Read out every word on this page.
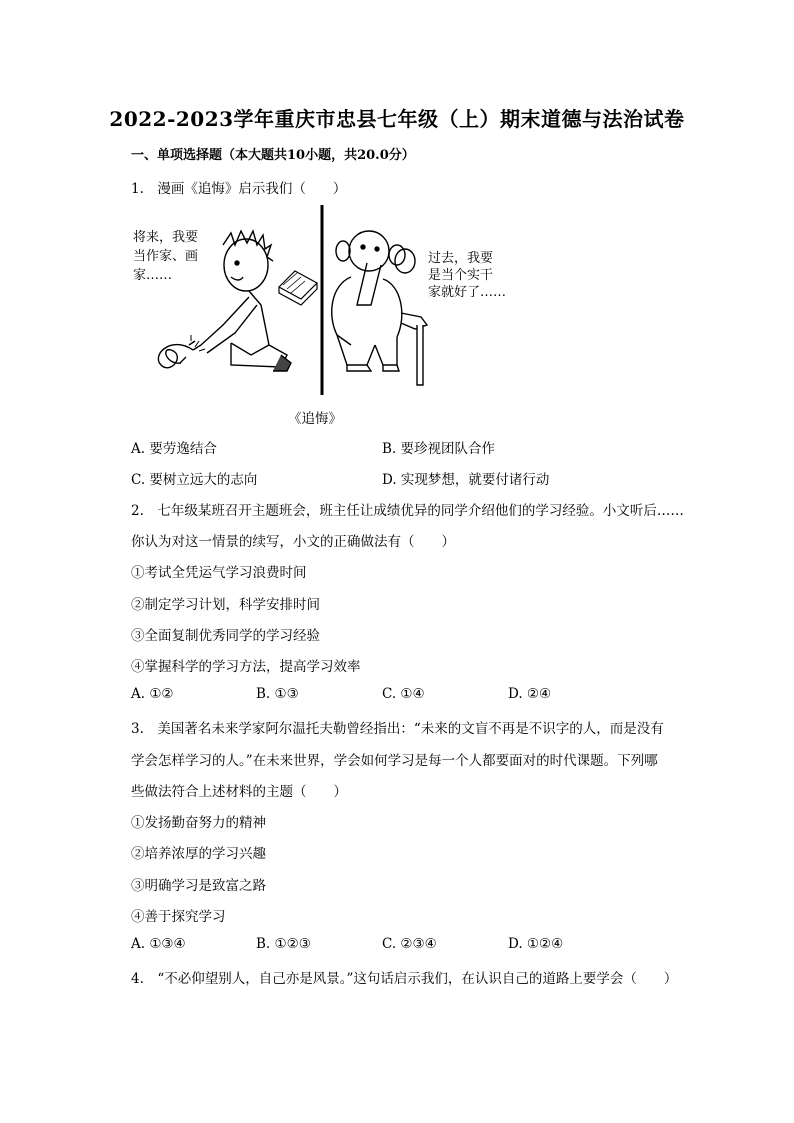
2022-2023学年重庆市忠县七年级（上）期末道德与法治试卷
一、单项选择题（本大题共10小题，共20.0分）
1.　漫画《追悔》启示我们（　　）
将来，我要
当作家、画
家……
过去，我要
是当个实干
家就好了……
《追悔》
A. 要劳逸结合	B. 要珍视团队合作
C. 要树立远大的志向	D. 实现梦想，就要付诸行动
2.　七年级某班召开主题班会，班主任让成绩优异的同学介绍他们的学习经验。小文听后……
你认为对这一情景的续写，小文的正确做法有（　　）
①考试全凭运气学习浪费时间
②制定学习计划，科学安排时间
③全面复制优秀同学的学习经验
④掌握科学的学习方法，提高学习效率
A. ①②	B. ①③	C. ①④	D. ②④
3.　美国著名未来学家阿尔温托夫勒曾经指出：“未来的文盲不再是不识字的人，而是没有
学会怎样学习的人。”在未来世界，学会如何学习是每一个人都要面对的时代课题。下列哪
些做法符合上述材料的主题（　　）
①发扬勤奋努力的精神
②培养浓厚的学习兴趣
③明确学习是致富之路
④善于探究学习
A. ①③④	B. ①②③	C. ②③④	D. ①②④
4.　“不必仰望别人，自己亦是风景。”这句话启示我们，在认识自己的道路上要学会（　　）
